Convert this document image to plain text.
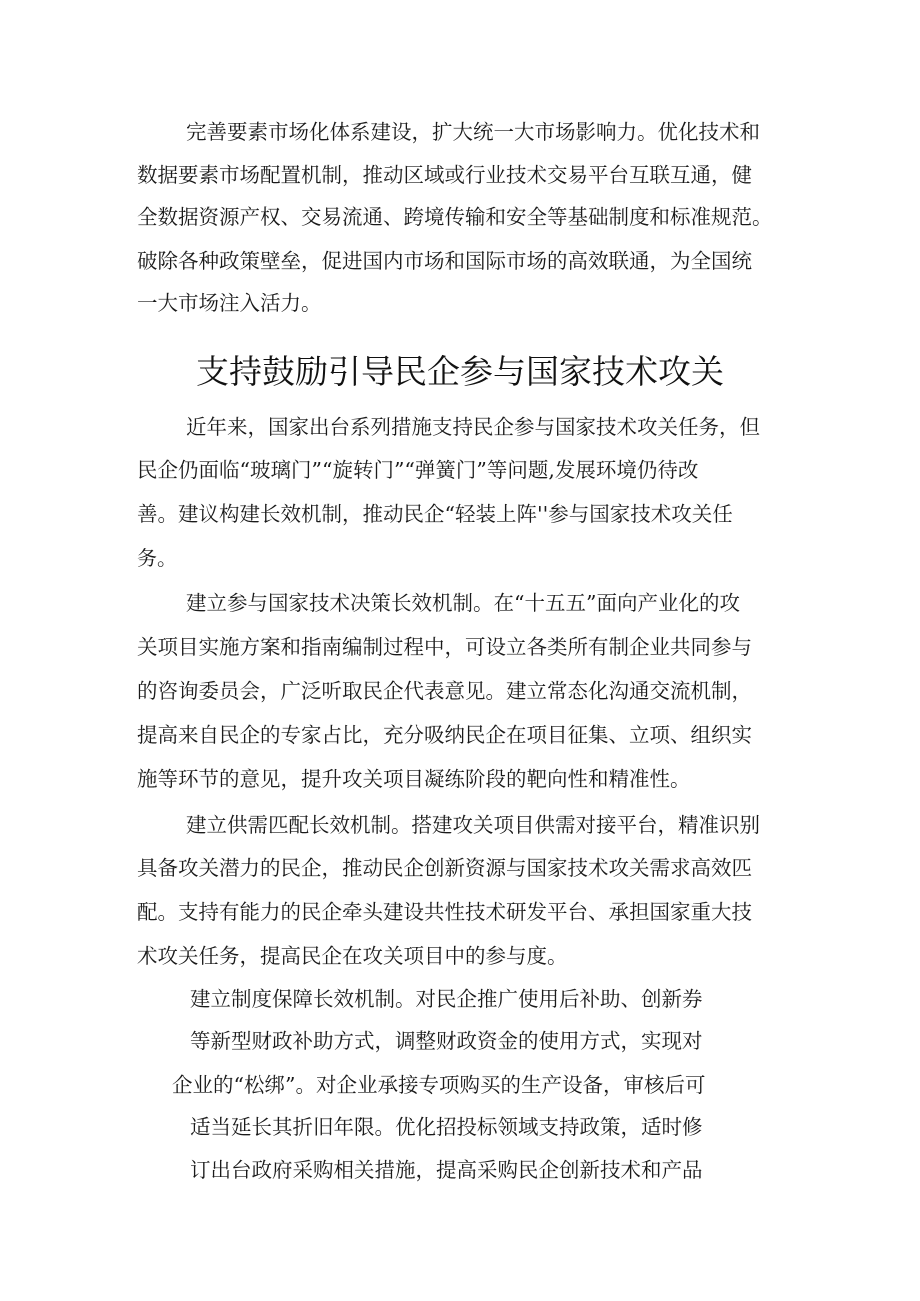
完善要素市场化体系建设，扩大统一大市场影响力。优化技术和
数据要素市场配置机制，推动区域或行业技术交易平台互联互通，健
全数据资源产权、交易流通、跨境传输和安全等基础制度和标准规范。
破除各种政策壁垒，促进国内市场和国际市场的高效联通，为全国统
一大市场注入活力。
支持鼓励引导民企参与国家技术攻关
近年来，国家出台系列措施支持民企参与国家技术攻关任务，但
民企仍面临“玻璃门”“旋转门”“弹簧门”等问题,发展环境仍待改
善。建议构建长效机制，推动民企“轻装上阵''参与国家技术攻关任
务。
建立参与国家技术决策长效机制。在“十五五”面向产业化的攻
关项目实施方案和指南编制过程中，可设立各类所有制企业共同参与
的咨询委员会，广泛听取民企代表意见。建立常态化沟通交流机制，
提高来自民企的专家占比，充分吸纳民企在项目征集、立项、组织实
施等环节的意见，提升攻关项目凝练阶段的靶向性和精准性。
建立供需匹配长效机制。搭建攻关项目供需对接平台，精准识别
具备攻关潜力的民企，推动民企创新资源与国家技术攻关需求高效匹
配。支持有能力的民企牵头建设共性技术研发平台、承担国家重大技
术攻关任务，提高民企在攻关项目中的参与度。
建立制度保障长效机制。对民企推广使用后补助、创新券
等新型财政补助方式，调整财政资金的使用方式，实现对
企业的“松绑”。对企业承接专项购买的生产设备，审核后可
适当延长其折旧年限。优化招投标领域支持政策，适时修
订出台政府采购相关措施，提高采购民企创新技术和产品
